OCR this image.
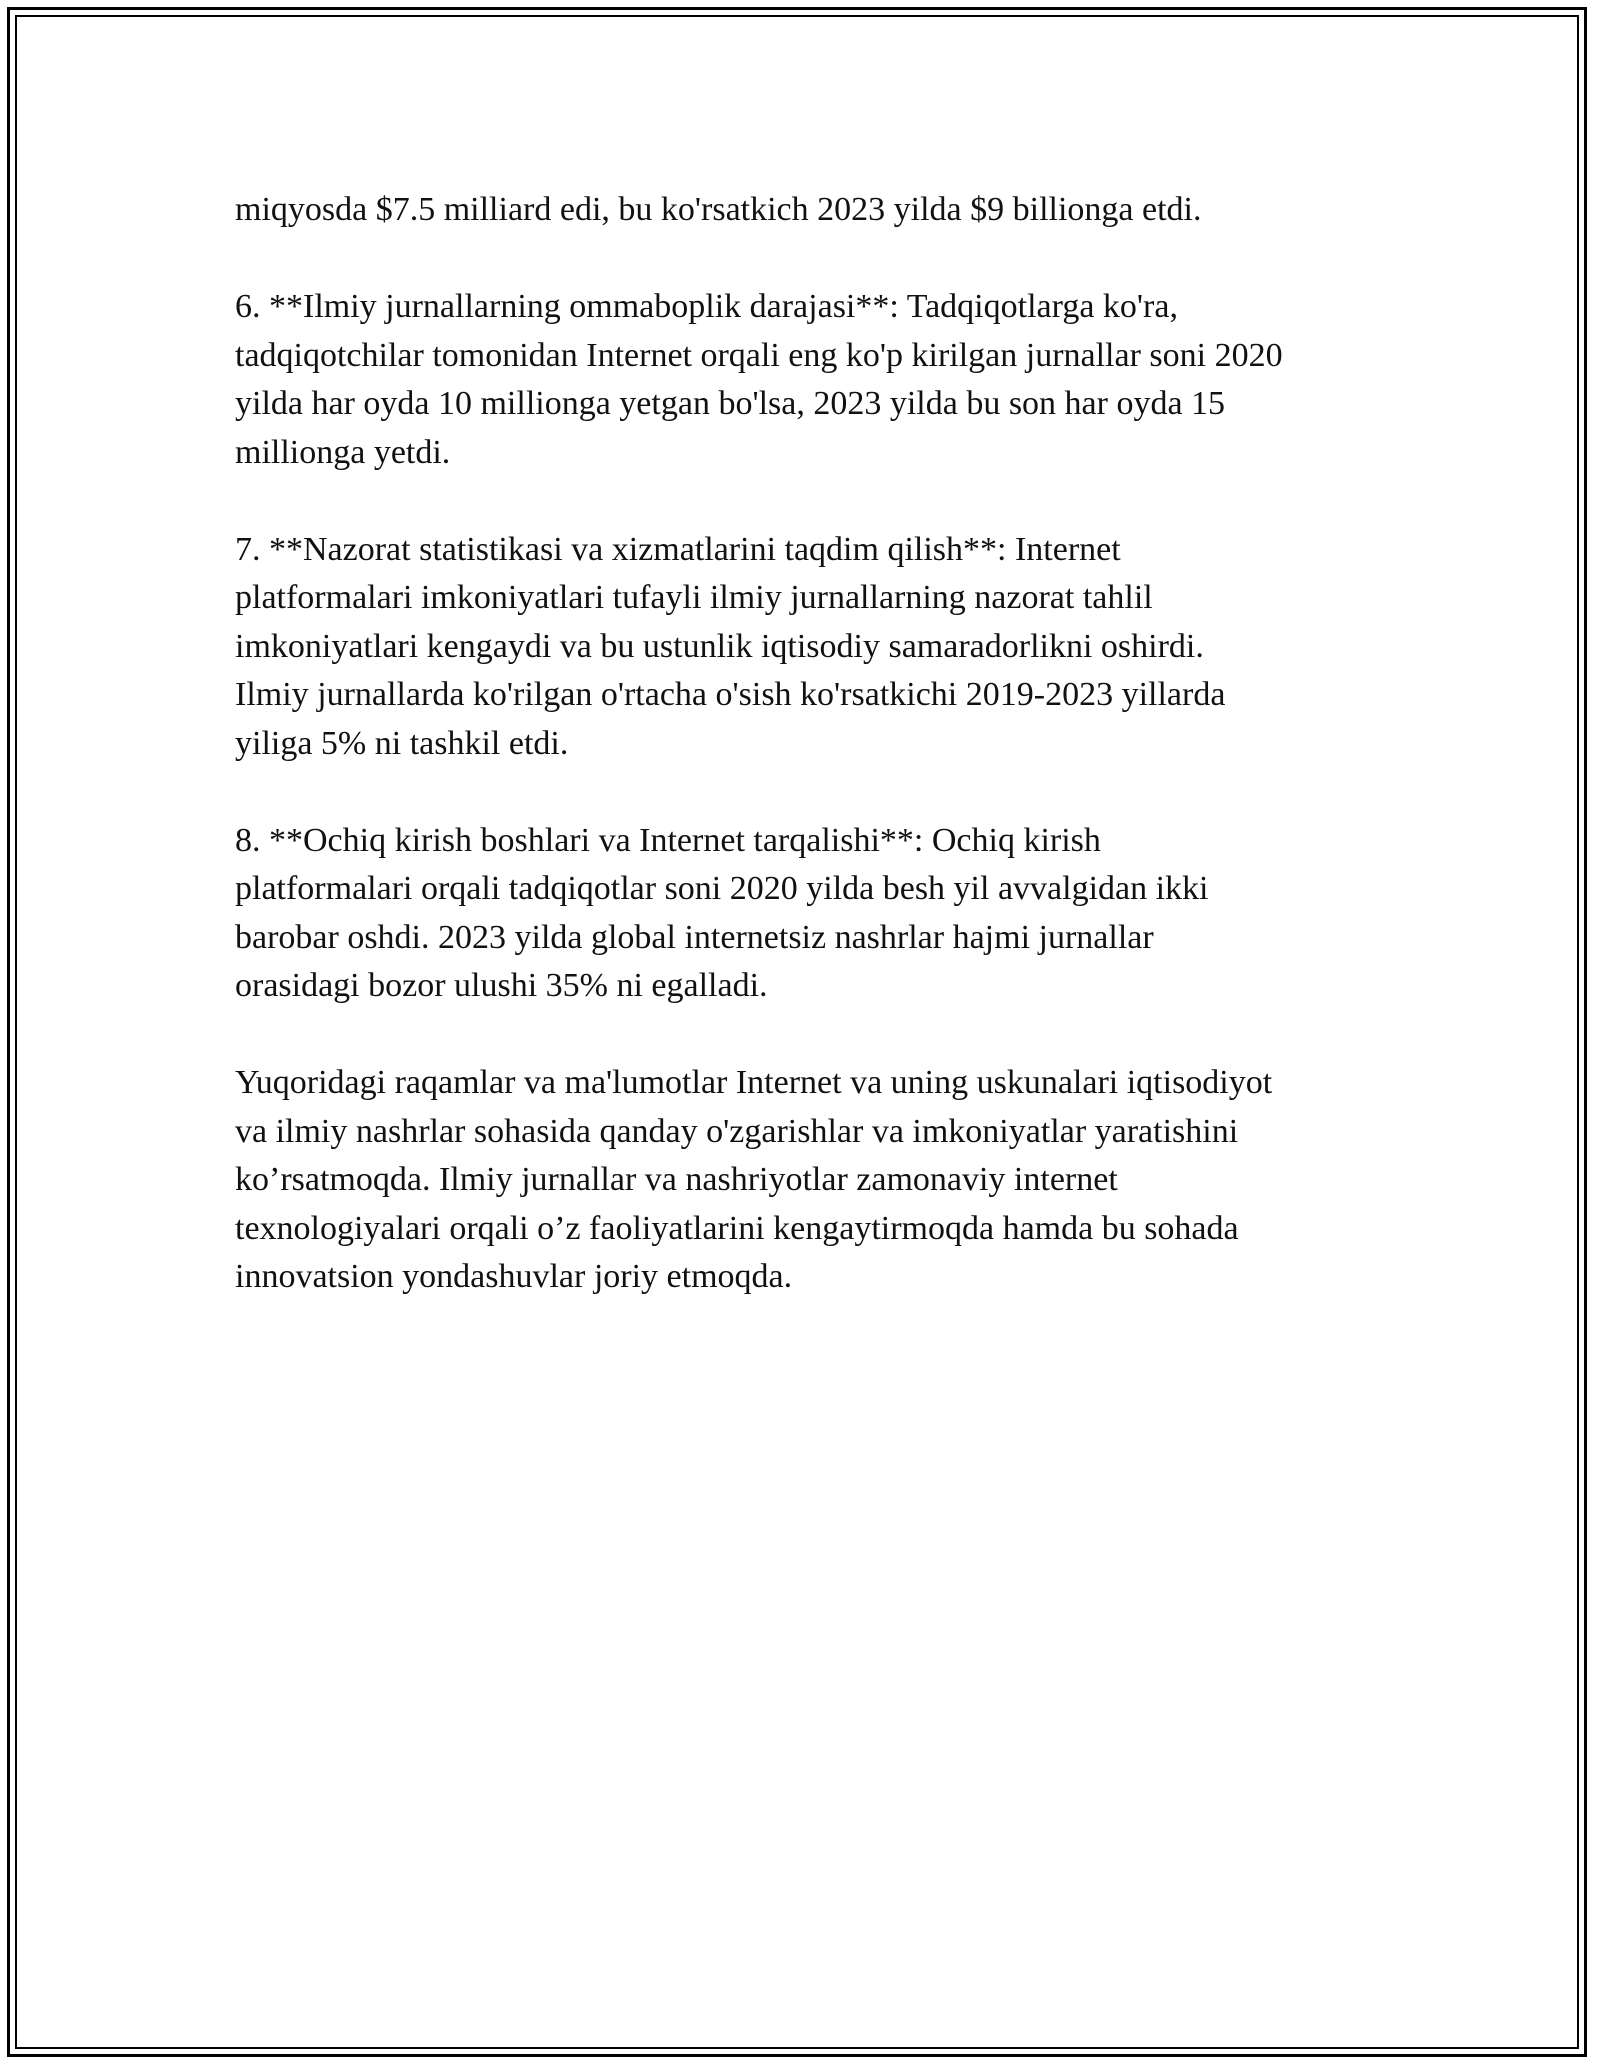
miqyosda $7.5 milliard edi, bu ko'rsatkich 2023 yilda $9 billionga etdi.

6. **Ilmiy jurnallarning ommaboplik darajasi**: Tadqiqotlarga ko'ra,
tadqiqotchilar tomonidan Internet orqali eng ko'p kirilgan jurnallar soni 2020
yilda har oyda 10 millionga yetgan bo'lsa, 2023 yilda bu son har oyda 15
millionga yetdi.

7. **Nazorat statistikasi va xizmatlarini taqdim qilish**: Internet
platformalari imkoniyatlari tufayli ilmiy jurnallarning nazorat tahlil
imkoniyatlari kengaydi va bu ustunlik iqtisodiy samaradorlikni oshirdi.
Ilmiy jurnallarda ko'rilgan o'rtacha o'sish ko'rsatkichi 2019-2023 yillarda
yiliga 5% ni tashkil etdi.

8. **Ochiq kirish boshlari va Internet tarqalishi**: Ochiq kirish
platformalari orqali tadqiqotlar soni 2020 yilda besh yil avvalgidan ikki
barobar oshdi. 2023 yilda global internetsiz nashrlar hajmi jurnallar
orasidagi bozor ulushi 35% ni egalladi.

Yuqoridagi raqamlar va ma'lumotlar Internet va uning uskunalari iqtisodiyot
va ilmiy nashrlar sohasida qanday o'zgarishlar va imkoniyatlar yaratishini
ko’rsatmoqda. Ilmiy jurnallar va nashriyotlar zamonaviy internet
texnologiyalari orqali o’z faoliyatlarini kengaytirmoqda hamda bu sohada
innovatsion yondashuvlar joriy etmoqda.
